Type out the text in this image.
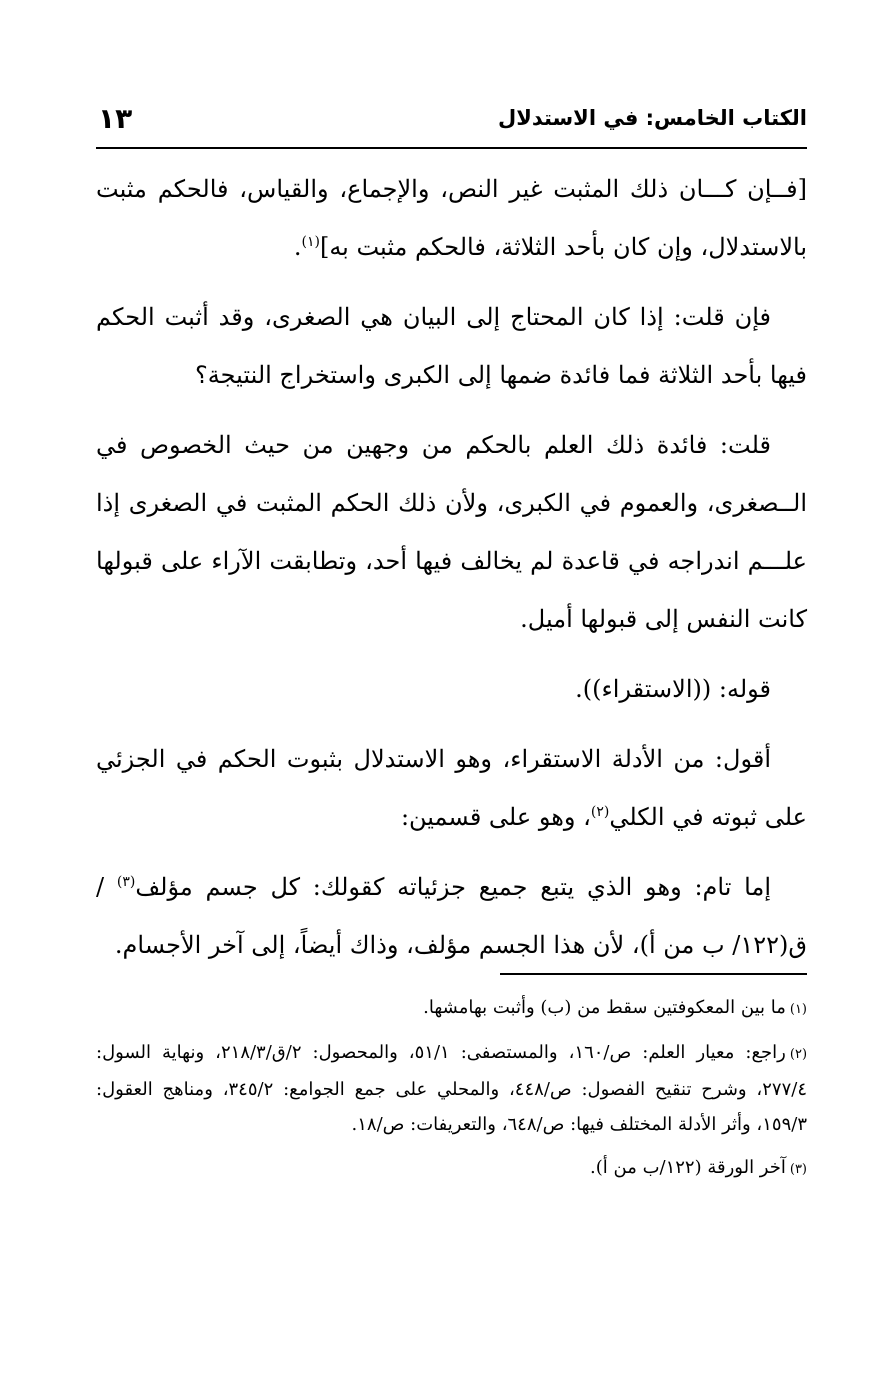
الكتاب الخامس: في الاستدلال
١٣

[فــإن كـــان ذلك المثبت غير النص، والإجماع، والقياس، فالحكم مثبت بالاستدلال، وإن كان بأحد الثلاثة، فالحكم مثبت به]$^{(١)}$.

فإن قلت: إذا كان المحتاج إلى البيان هي الصغرى، وقد أثبت الحكم فيها بأحد الثلاثة فما فائدة ضمها إلى الكبرى واستخراج النتيجة؟

قلت: فائدة ذلك العلم بالحكم من وجهين من حيث الخصوص في الــصغرى، والعموم في الكبرى، ولأن ذلك الحكم المثبت في الصغرى إذا علـــم اندراجه في قاعدة لم يخالف فيها أحد، وتطابقت الآراء على قبولها كانت النفس إلى قبولها أميل.

قوله: ((الاستقراء)).

أقول: من الأدلة الاستقراء، وهو الاستدلال بثبوت الحكم في الجزئي على ثبوته في الكلي$^{(٢)}$، وهو على قسمين:

إما تام: وهو الذي يتبع جميع جزئياته كقولك: كل جسم مؤلف$^{(٣)}$ / ق(١٢٢/ ب من أ)، لأن هذا الجسم مؤلف، وذاك أيضاً، إلى آخر الأجسام.

(١)ما بين المعكوفتين سقط من (ب) وأثبت بهامشها.
(٢)راجع: معيار العلم: ص/١٦٠، والمستصفى: ٥١/١، والمحصول: ٢/ق/٢١٨/٣، ونهاية السول: ٢٧٧/٤، وشرح تنقيح الفصول: ص/٤٤٨، والمحلي على جمع الجوامع: ٣٤٥/٢، ومناهج العقول: ١٥٩/٣، وأثر الأدلة المختلف فيها: ص/٦٤٨، والتعريفات: ص/١٨.
(٣)آخر الورقة (١٢٢/ب من أ).
